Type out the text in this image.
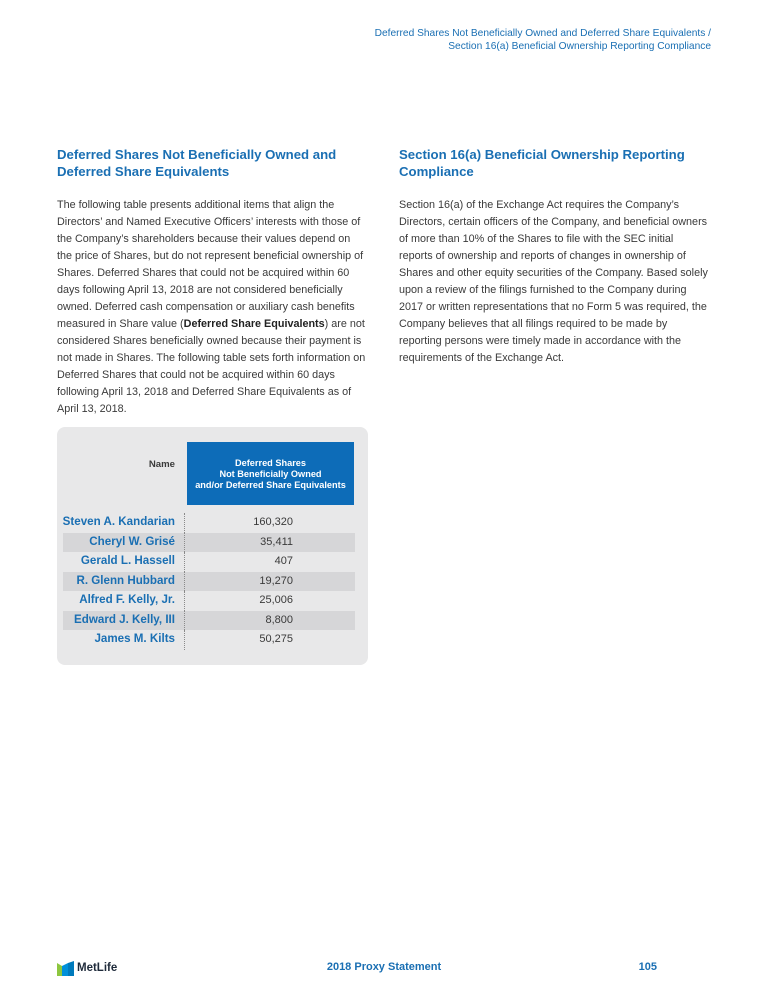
Deferred Shares Not Beneficially Owned and Deferred Share Equivalents /
Section 16(a) Beneficial Ownership Reporting Compliance
Deferred Shares Not Beneficially Owned and Deferred Share Equivalents

The following table presents additional items that align the Directors’ and Named Executive Officers’ interests with those of the Company’s shareholders because their values depend on the price of Shares, but do not represent beneficial ownership of Shares. Deferred Shares that could not be acquired within 60 days following April 13, 2018 are not considered beneficially owned. Deferred cash compensation or auxiliary cash benefits measured in Share value (Deferred Share Equivalents) are not considered Shares beneficially owned because their payment is not made in Shares. The following table sets forth information on Deferred Shares that could not be acquired within 60 days following April 13, 2018 and Deferred Share Equivalents as of April 13, 2018.

Section 16(a) Beneficial Ownership Reporting Compliance

Section 16(a) of the Exchange Act requires the Company’s Directors, certain officers of the Company, and beneficial owners of more than 10% of the Shares to file with the SEC initial reports of ownership and reports of changes in ownership of Shares and other equity securities of the Company. Based solely upon a review of the filings furnished to the Company during 2017 or written representations that no Form 5 was required, the Company believes that all filings required to be made by reporting persons were timely made in accordance with the requirements of the Exchange Act.

Name	Deferred Shares
Not Beneficially Owned
and/or Deferred Share Equivalents
Steven A. Kandarian	160,320
Cheryl W. Grisé	35,411
Gerald L. Hassell	407
R. Glenn Hubbard	19,270
Alfred F. Kelly, Jr.	25,006
Edward J. Kelly, III	8,800
James M. Kilts	50,275
MetLife	2018 Proxy Statement	105
